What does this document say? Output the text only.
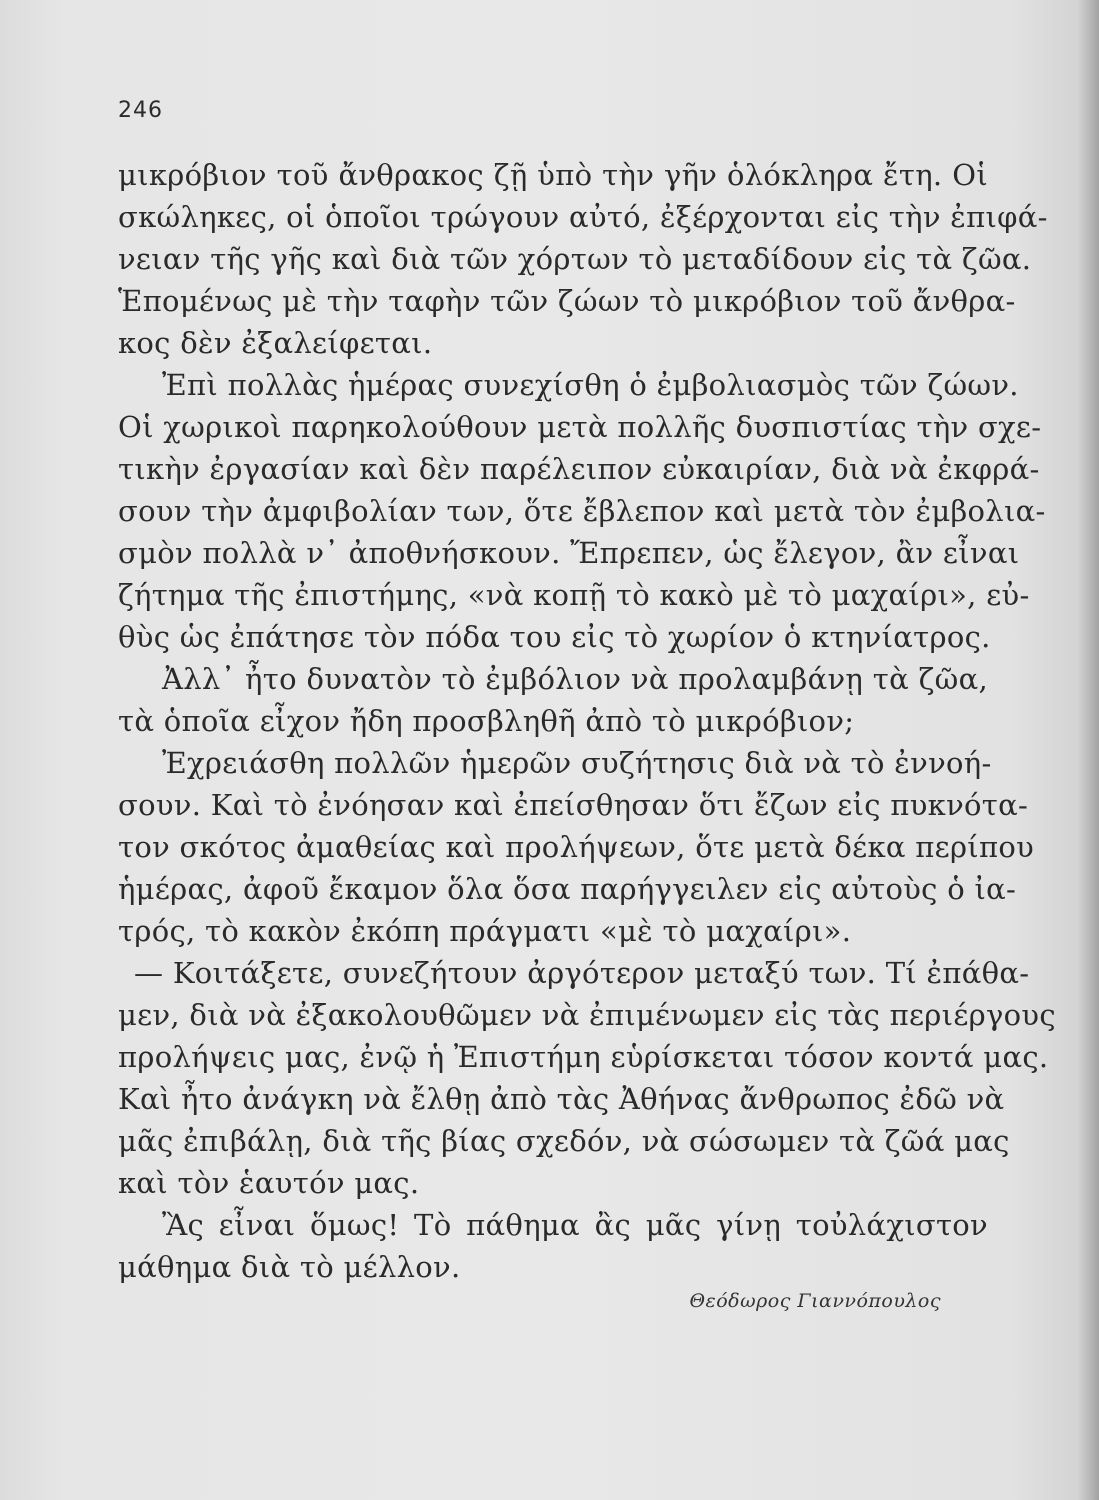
246
μικρόβιον τοῦ ἄνθρακος ζῇ ὑπὸ τὴν γῆν ὁλόκληρα ἔτη. Οἱ
σκώληκες, οἱ ὁποῖοι τρώγουν αὐτό, ἐξέρχονται εἰς τὴν ἐπιφά-
νειαν τῆς γῆς καὶ διὰ τῶν χόρτων τὸ μεταδίδουν εἰς τὰ ζῶα.
Ἑπομένως μὲ τὴν ταφὴν τῶν ζώων τὸ μικρόβιον τοῦ ἄνθρα-
κος δὲν ἐξαλείφεται.
Ἐπὶ πολλὰς ἡμέρας συνεχίσθη ὁ ἐμβολιασμὸς τῶν ζώων.
Οἱ χωρικοὶ παρηκολούθουν μετὰ πολλῆς δυσπιστίας τὴν σχε-
τικὴν ἐργασίαν καὶ δὲν παρέλειπον εὐκαιρίαν, διὰ νὰ ἐκφρά-
σουν τὴν ἀμφιβολίαν των, ὅτε ἔβλεπον καὶ μετὰ τὸν ἐμβολια-
σμὸν πολλὰ ν᾽ ἀποθνήσκουν. Ἔπρεπεν, ὡς ἔλεγον, ἂν εἶναι
ζήτημα τῆς ἐπιστήμης, «νὰ κοπῇ τὸ κακὸ μὲ τὸ μαχαίρι», εὐ-
θὺς ὡς ἐπάτησε τὸν πόδα του εἰς τὸ χωρίον ὁ κτηνίατρος.
Ἀλλ᾽ ἦτο δυνατὸν τὸ ἐμβόλιον νὰ προλαμβάνῃ τὰ ζῶα,
τὰ ὁποῖα εἶχον ἤδη προσβληθῆ ἀπὸ τὸ μικρόβιον;
Ἐχρειάσθη πολλῶν ἡμερῶν συζήτησις διὰ νὰ τὸ ἐννοή-
σουν. Καὶ τὸ ἐνόησαν καὶ ἐπείσθησαν ὅτι ἔζων εἰς πυκνότα-
τον σκότος ἀμαθείας καὶ προλήψεων, ὅτε μετὰ δέκα περίπου
ἡμέρας, ἀφοῦ ἔκαμον ὅλα ὅσα παρήγγειλεν εἰς αὐτοὺς ὁ ἰα-
τρός, τὸ κακὸν ἐκόπη πράγματι «μὲ τὸ μαχαίρι».
— Κοιτάξετε, συνεζήτουν ἀργότερον μεταξύ των. Τί ἐπάθα-
μεν, διὰ νὰ ἐξακολουθῶμεν νὰ ἐπιμένωμεν εἰς τὰς περιέργους
προλήψεις μας, ἐνῷ ἡ Ἐπιστήμη εὑρίσκεται τόσον κοντά μας.
Καὶ ἦτο ἀνάγκη νὰ ἔλθῃ ἀπὸ τὰς Ἀθήνας ἄνθρωπος ἐδῶ νὰ
μᾶς ἐπιβάλῃ, διὰ τῆς βίας σχεδόν, νὰ σώσωμεν τὰ ζῶά μας
καὶ τὸν ἑαυτόν μας.
Ἂς εἶναι ὅμως! Τὸ πάθημα ἂς μᾶς γίνῃ τοὐλάχιστον
μάθημα διὰ τὸ μέλλον.
Θεόδωρος Γιαννόπουλος
